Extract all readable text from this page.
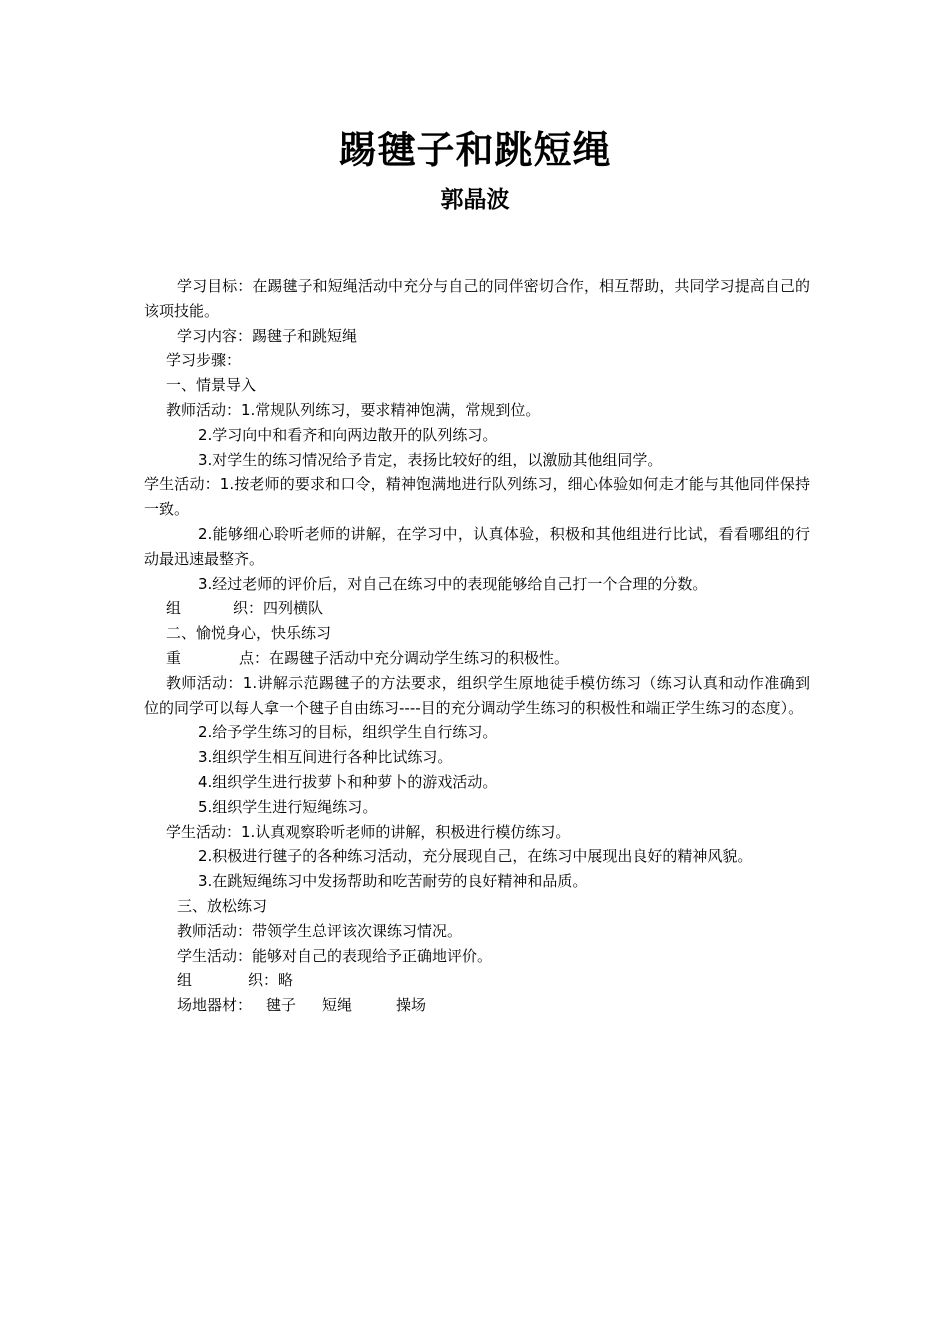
踢毽子和跳短绳
郭晶波

学习目标：在踢毽子和短绳活动中充分与自己的同伴密切合作，相互帮助，共同学习提高自己的该项技能。

学习内容：踢毽子和跳短绳

学习步骤：

一、情景导入

教师活动：1.常规队列练习，要求精神饱满，常规到位。

2.学习向中和看齐和向两边散开的队列练习。

3.对学生的练习情况给予肯定，表扬比较好的组，以激励其他组同学。

学生活动：1.按老师的要求和口令，精神饱满地进行队列练习，细心体验如何走才能与其他同伴保持一致。

2.能够细心聆听老师的讲解，在学习中，认真体验，积极和其他组进行比试，看看哪组的行动最迅速最整齐。

3.经过老师的评价后，对自己在练习中的表现能够给自己打一个合理的分数。

组	织：四列横队

二、愉悦身心，快乐练习

重	点：在踢毽子活动中充分调动学生练习的积极性。

教师活动：1.讲解示范踢毽子的方法要求，组织学生原地徒手模仿练习（练习认真和动作准确到位的同学可以每人拿一个毽子自由练习----目的充分调动学生练习的积极性和端正学生练习的态度）。

2.给予学生练习的目标，组织学生自行练习。

3.组织学生相互间进行各种比试练习。

4.组织学生进行拔萝卜和种萝卜的游戏活动。

5.组织学生进行短绳练习。

学生活动：1.认真观察聆听老师的讲解，积极进行模仿练习。

2.积极进行毽子的各种练习活动，充分展现自己，在练习中展现出良好的精神风貌。

3.在跳短绳练习中发扬帮助和吃苦耐劳的良好精神和品质。

三、放松练习

教师活动：带领学生总评该次课练习情况。

学生活动：能够对自己的表现给予正确地评价。

组	织：略

场地器材： 毽子 短绳	操场
